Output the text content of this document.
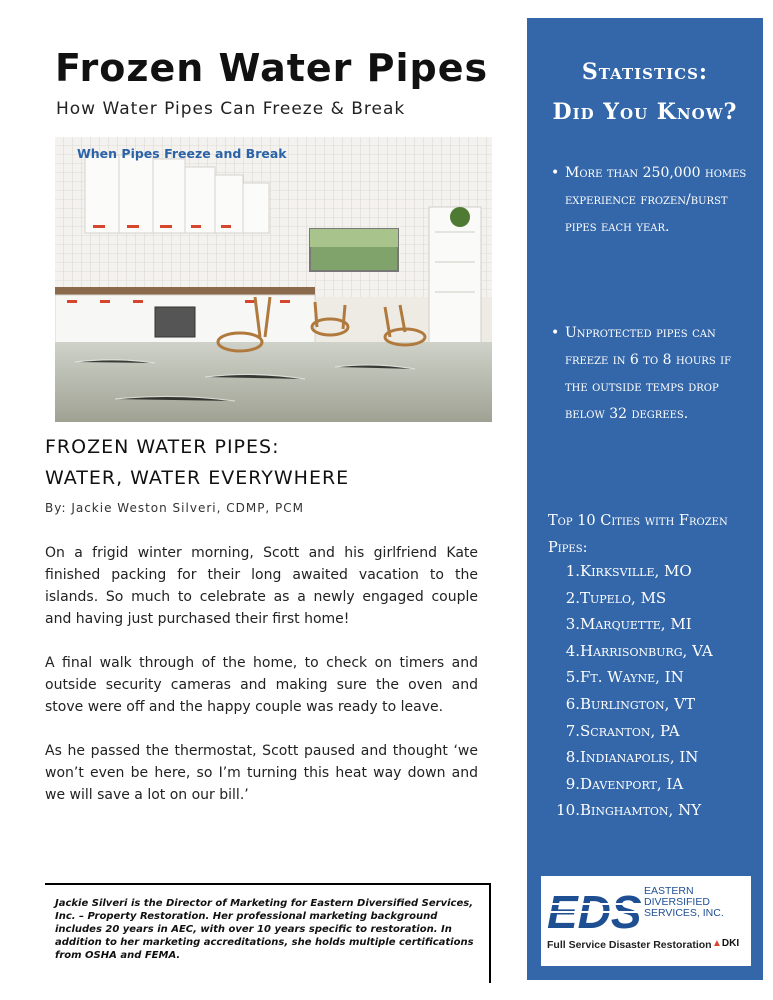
Frozen Water Pipes
How Water Pipes Can Freeze & Break
When Pipes Freeze and Break
FROZEN WATER PIPES:
WATER, WATER EVERYWHERE
By: Jackie Weston Silveri, CDMP, PCM

On a frigid winter morning, Scott and his girlfriend Kate finished packing for their long awaited vacation to the islands. So much to celebrate as a newly engaged couple and having just purchased their first home!

A final walk through of the home, to check on timers and outside security cameras and making sure the oven and stove were off and the happy couple was ready to leave.

As he passed the thermostat, Scott paused and thought ‘we won’t even be here, so I’m turning this heat way down and we will save a lot on our bill.’

Jackie Silveri is the Director of Marketing for Eastern Diversified Services, Inc. – Property Restoration. Her professional marketing background includes 20 years in AEC, with over 10 years specific to restoration. In addition to her marketing accreditations, she holds multiple certifications from OSHA and FEMA.
Statistics:
Did You Know?
• More than 250,000 homes experience frozen/burst pipes each year.
• Unprotected pipes can freeze in 6 to 8 hours if the outside temps drop below 32 degrees.
Top 10 Cities with Frozen Pipes:
1. Kirksville, MO
2. Tupelo, MS
3. Marquette, MI
4. Harrisonburg, VA
5. Ft. Wayne, IN
6. Burlington, VT
7. Scranton, PA
8. Indianapolis, IN
9. Davenport, IA
10. Binghamton, NY
EDS EASTERN DIVERSIFIED SERVICES, INC.
Full Service Disaster Restoration ▲DKI
